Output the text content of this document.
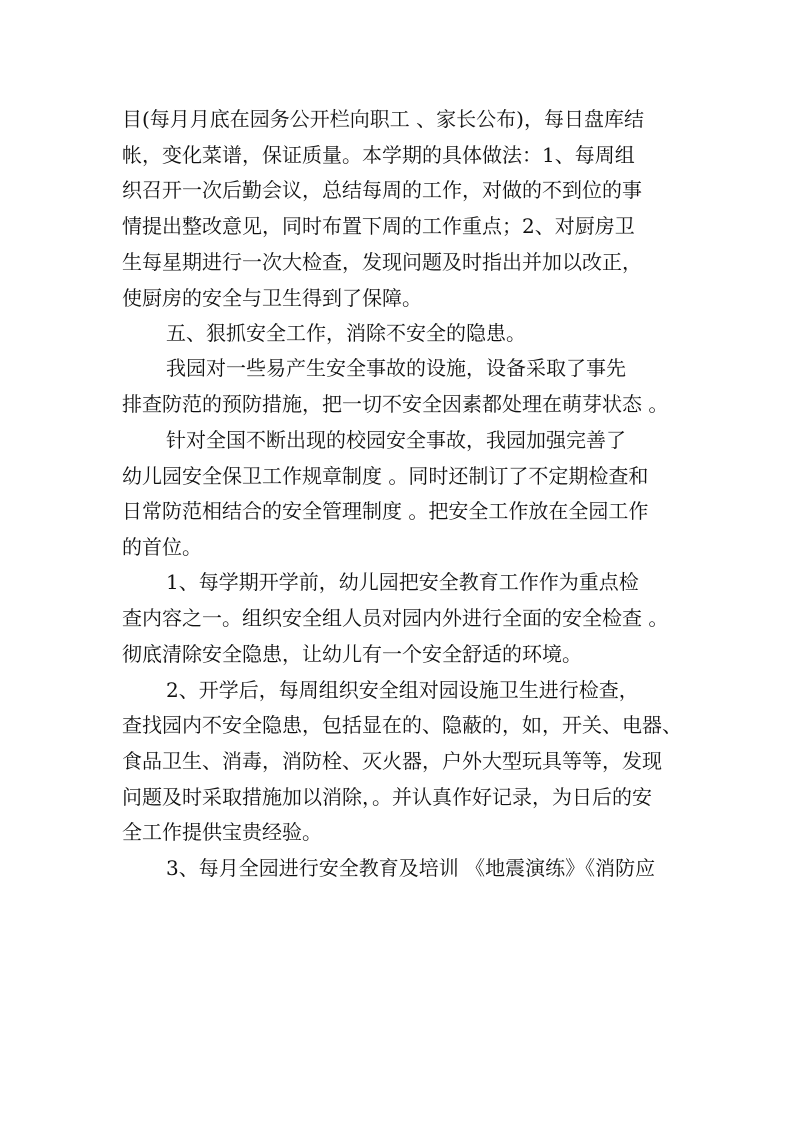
目(每月月底在园务公开栏向职工 、家长公布)，每日盘库结
帐，变化菜谱，保证质量。本学期的具体做法：1、每周组
织召开一次后勤会议，总结每周的工作，对做的不到位的事
情提出整改意见，同时布置下周的工作重点；2、对厨房卫
生每星期进行一次大检查，发现问题及时指出并加以改正，
使厨房的安全与卫生得到了保障。
五、狠抓安全工作，消除不安全的隐患。
我园对一些易产生安全事故的设施，设备采取了事先
排查防范的预防措施，把一切不安全因素都处理在萌芽状态 。
针对全国不断出现的校园安全事故，我园加强完善了
幼儿园安全保卫工作规章制度 。同时还制订了不定期检查和
日常防范相结合的安全管理制度 。把安全工作放在全园工作
的首位。
1、每学期开学前，幼儿园把安全教育工作作为重点检
查内容之一。组织安全组人员对园内外进行全面的安全检查 。
彻底清除安全隐患，让幼儿有一个安全舒适的环境。
2、开学后，每周组织安全组对园设施卫生进行检查，
查找园内不安全隐患，包括显在的、隐蔽的，如，开关、电器、
食品卫生、消毒，消防栓、灭火器，户外大型玩具等等，发现
问题及时采取措施加以消除，。并认真作好记录，为日后的安
全工作提供宝贵经验。
3、每月全园进行安全教育及培训 《地震演练》《消防应
